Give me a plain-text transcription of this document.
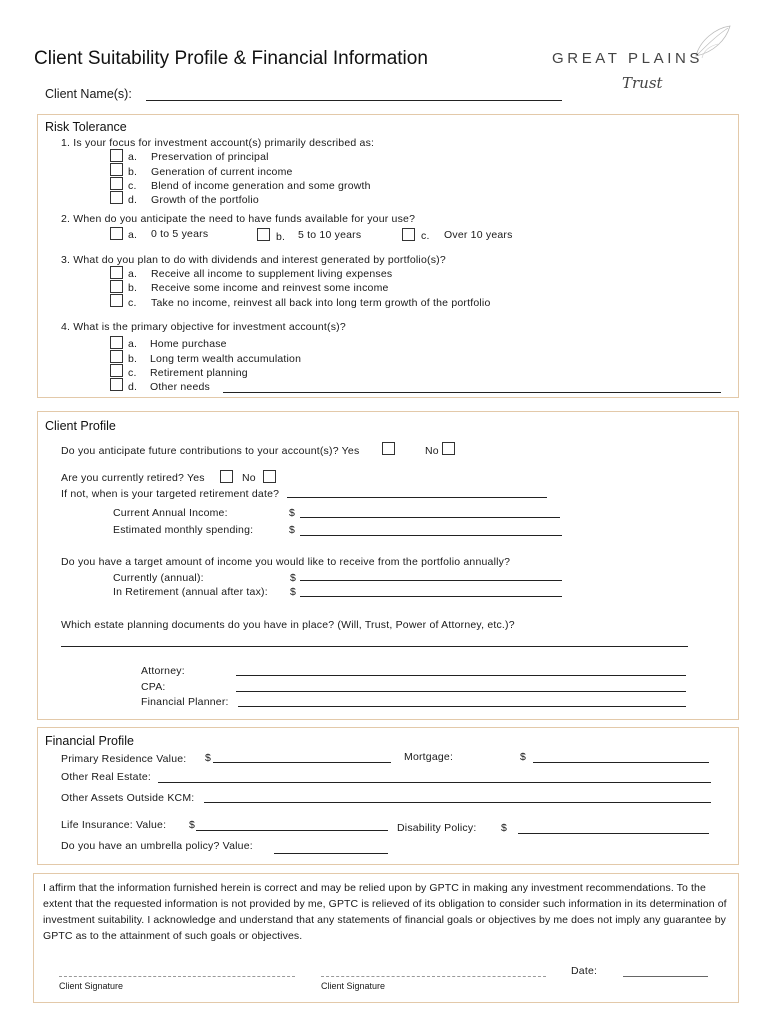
Client Suitability Profile & Financial Information	GREAT PLAINS
Trust
Client Name(s):
Risk Tolerance
1. Is your focus for investment account(s) primarily described as:
a. Preservation of principal
b. Generation of current income
c. Blend of income generation and some growth
d. Growth of the portfolio
2. When do you anticipate the need to have funds available for your use?
a. 0 to 5 years	b. 5 to 10 years	c. Over 10 years
3. What do you plan to do with dividends and interest generated by portfolio(s)?
a. Receive all income to supplement living expenses
b. Receive some income and reinvest some income
c. Take no income, reinvest all back into long term growth of the portfolio
4. What is the primary objective for investment account(s)?
a. Home purchase
b. Long term wealth accumulation
c. Retirement planning
d. Other needs
Client Profile
Do you anticipate future contributions to your account(s)? Yes	No
Are you currently retired? Yes	No
If not, when is your targeted retirement date?
Current Annual Income:	$
Estimated monthly spending:	$
Do you have a target amount of income you would like to receive from the portfolio annually?
Currently (annual):	$
In Retirement (annual after tax): $
Which estate planning documents do you have in place? (Will, Trust, Power of Attorney, etc.)?
Attorney:
CPA:
Financial Planner:
Financial Profile
Primary Residence Value: $	Mortgage:	$
Other Real Estate:
Other Assets Outside KCM:
Life Insurance: Value: $	Disability Policy: $
Do you have an umbrella policy? Value:
I affirm that the information furnished herein is correct and may be relied upon by GPTC in making any investment recommendations. To the extent that the requested information is not provided by me, GPTC is relieved of its obligation to consider such information in its determination of investment suitability. I acknowledge and understand that any statements of financial goals or objectives by me does not imply any guarantee by GPTC as to the attainment of such goals or objectives.
Client Signature	Client Signature
Date:
